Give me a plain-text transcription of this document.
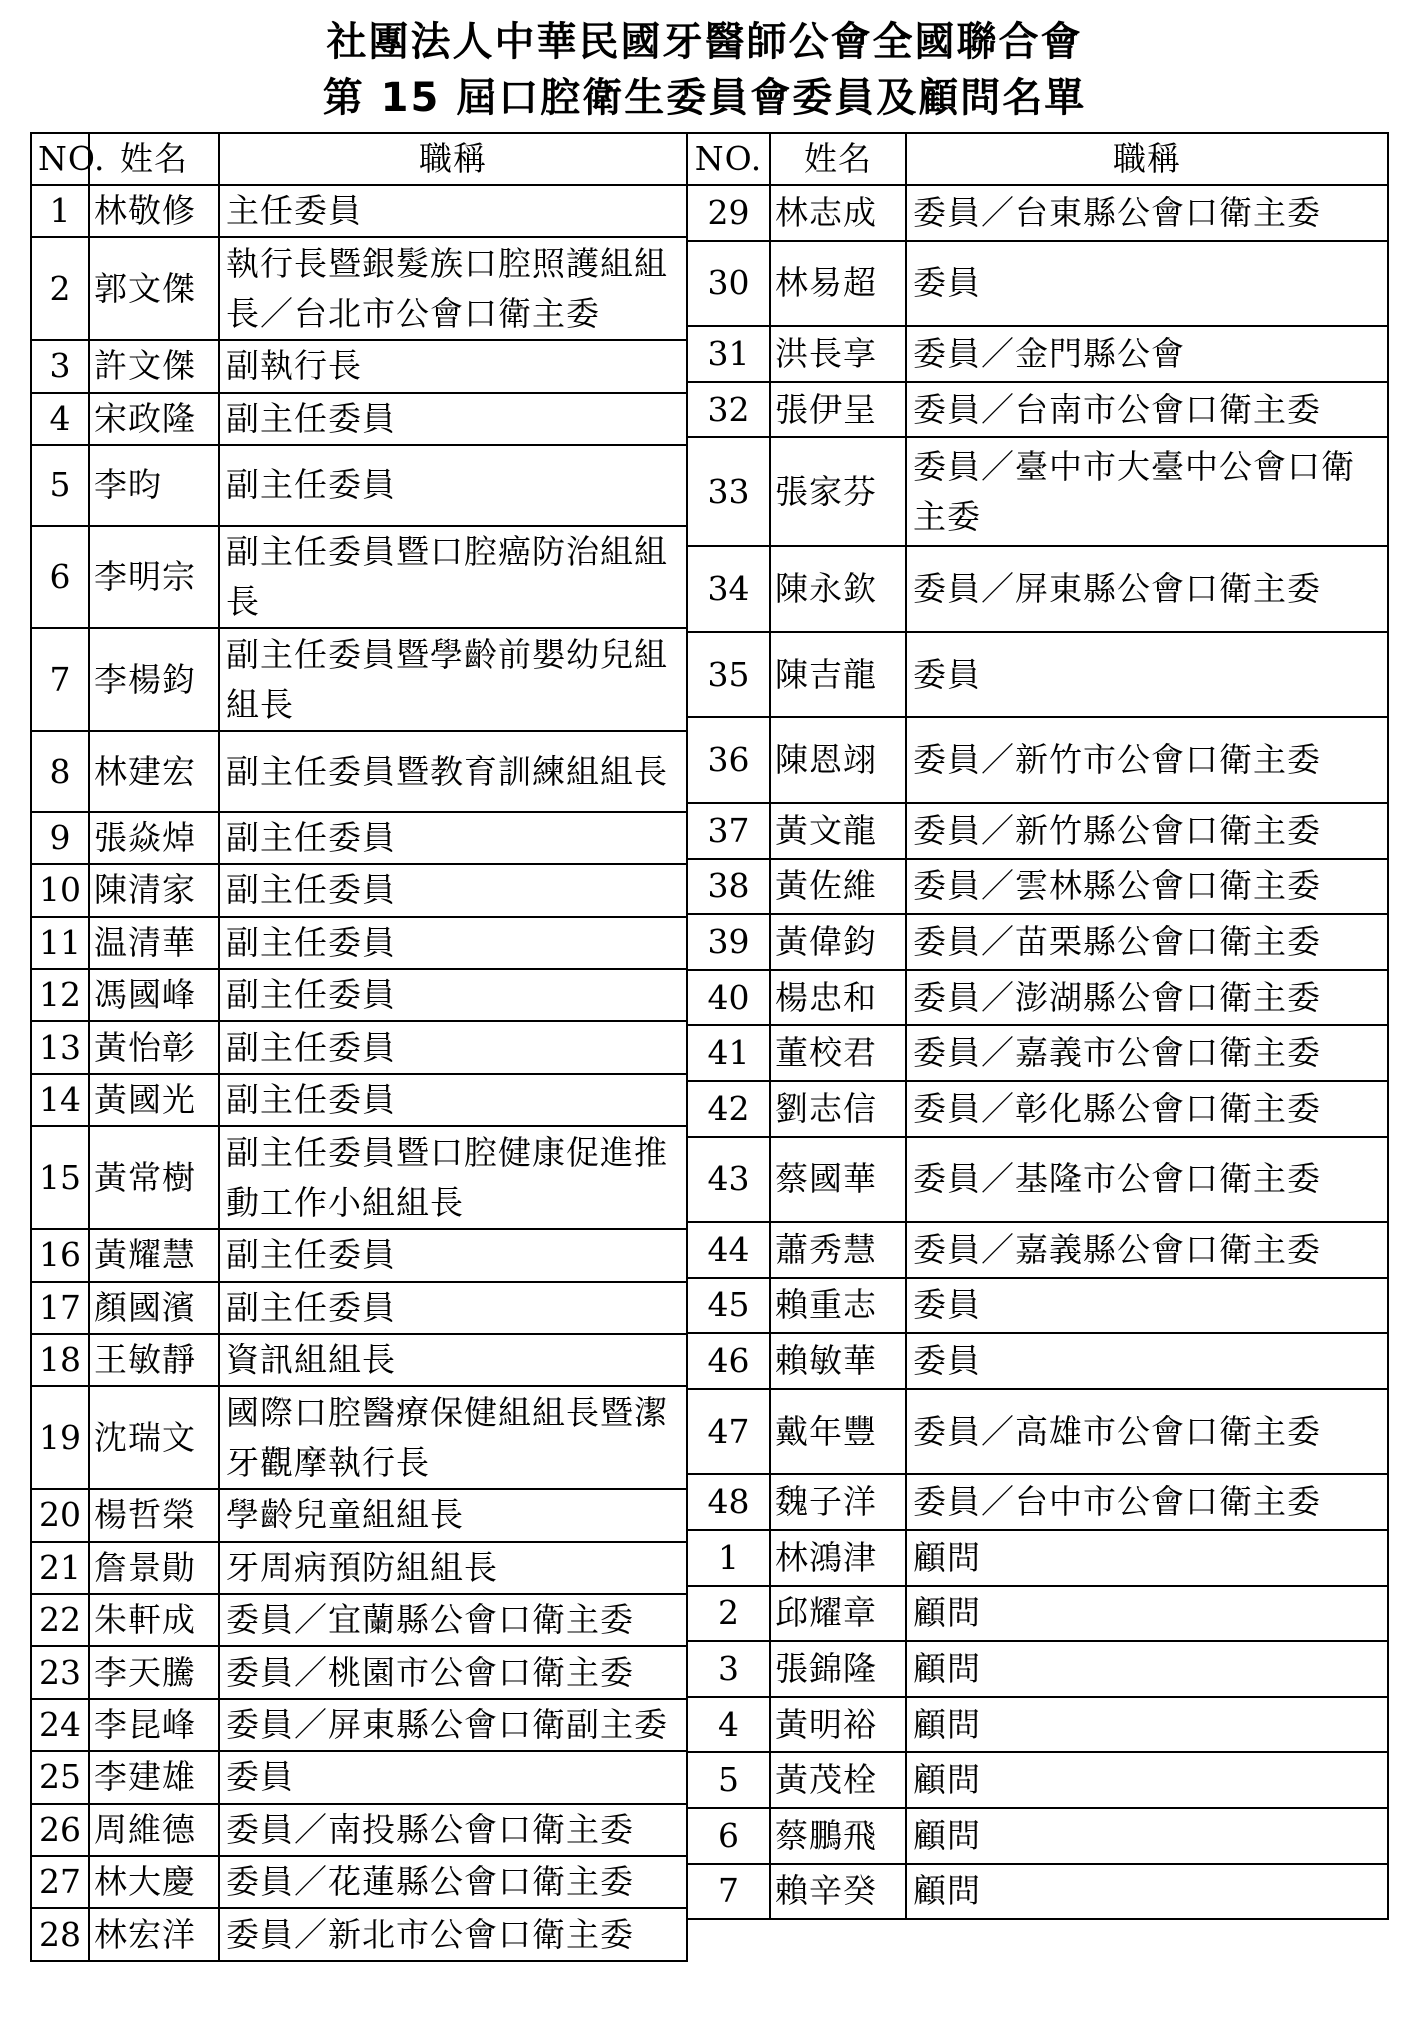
社團法人中華民國牙醫師公會全國聯合會
第 15 屆口腔衛生委員會委員及顧問名單
NO.	姓名	職稱
1	林敬修	主任委員
2	郭文傑	執行長暨銀髮族口腔照護組組長／台北市公會口衛主委
3	許文傑	副執行長
4	宋政隆	副主任委員
5	李昀	副主任委員
6	李明宗	副主任委員暨口腔癌防治組組長
7	李楊鈞	副主任委員暨學齡前嬰幼兒組組長
8	林建宏	副主任委員暨教育訓練組組長
9	張焱焯	副主任委員
10	陳清家	副主任委員
11	温清華	副主任委員
12	馮國峰	副主任委員
13	黃怡彰	副主任委員
14	黃國光	副主任委員
15	黃常樹	副主任委員暨口腔健康促進推動工作小組組長
16	黃耀慧	副主任委員
17	顏國濱	副主任委員
18	王敏靜	資訊組組長
19	沈瑞文	國際口腔醫療保健組組長暨潔牙觀摩執行長
20	楊哲榮	學齡兒童組組長
21	詹景勛	牙周病預防組組長
22	朱軒成	委員／宜蘭縣公會口衛主委
23	李天騰	委員／桃園市公會口衛主委
24	李昆峰	委員／屏東縣公會口衛副主委
25	李建雄	委員
26	周維德	委員／南投縣公會口衛主委
27	林大慶	委員／花蓮縣公會口衛主委
28	林宏洋	委員／新北市公會口衛主委
NO.	姓名	職稱
29	林志成	委員／台東縣公會口衛主委
30	林易超	委員
31	洪長享	委員／金門縣公會
32	張伊呈	委員／台南市公會口衛主委
33	張家芬	委員／臺中市大臺中公會口衛主委
34	陳永欽	委員／屏東縣公會口衛主委
35	陳吉龍	委員
36	陳恩翊	委員／新竹市公會口衛主委
37	黃文龍	委員／新竹縣公會口衛主委
38	黃佐維	委員／雲林縣公會口衛主委
39	黃偉鈞	委員／苗栗縣公會口衛主委
40	楊忠和	委員／澎湖縣公會口衛主委
41	董校君	委員／嘉義市公會口衛主委
42	劉志信	委員／彰化縣公會口衛主委
43	蔡國華	委員／基隆市公會口衛主委
44	蕭秀慧	委員／嘉義縣公會口衛主委
45	賴重志	委員
46	賴敏華	委員
47	戴年豐	委員／高雄市公會口衛主委
48	魏子洋	委員／台中市公會口衛主委
1	林鴻津	顧問
2	邱耀章	顧問
3	張錦隆	顧問
4	黃明裕	顧問
5	黃茂栓	顧問
6	蔡鵬飛	顧問
7	賴辛癸	顧問
